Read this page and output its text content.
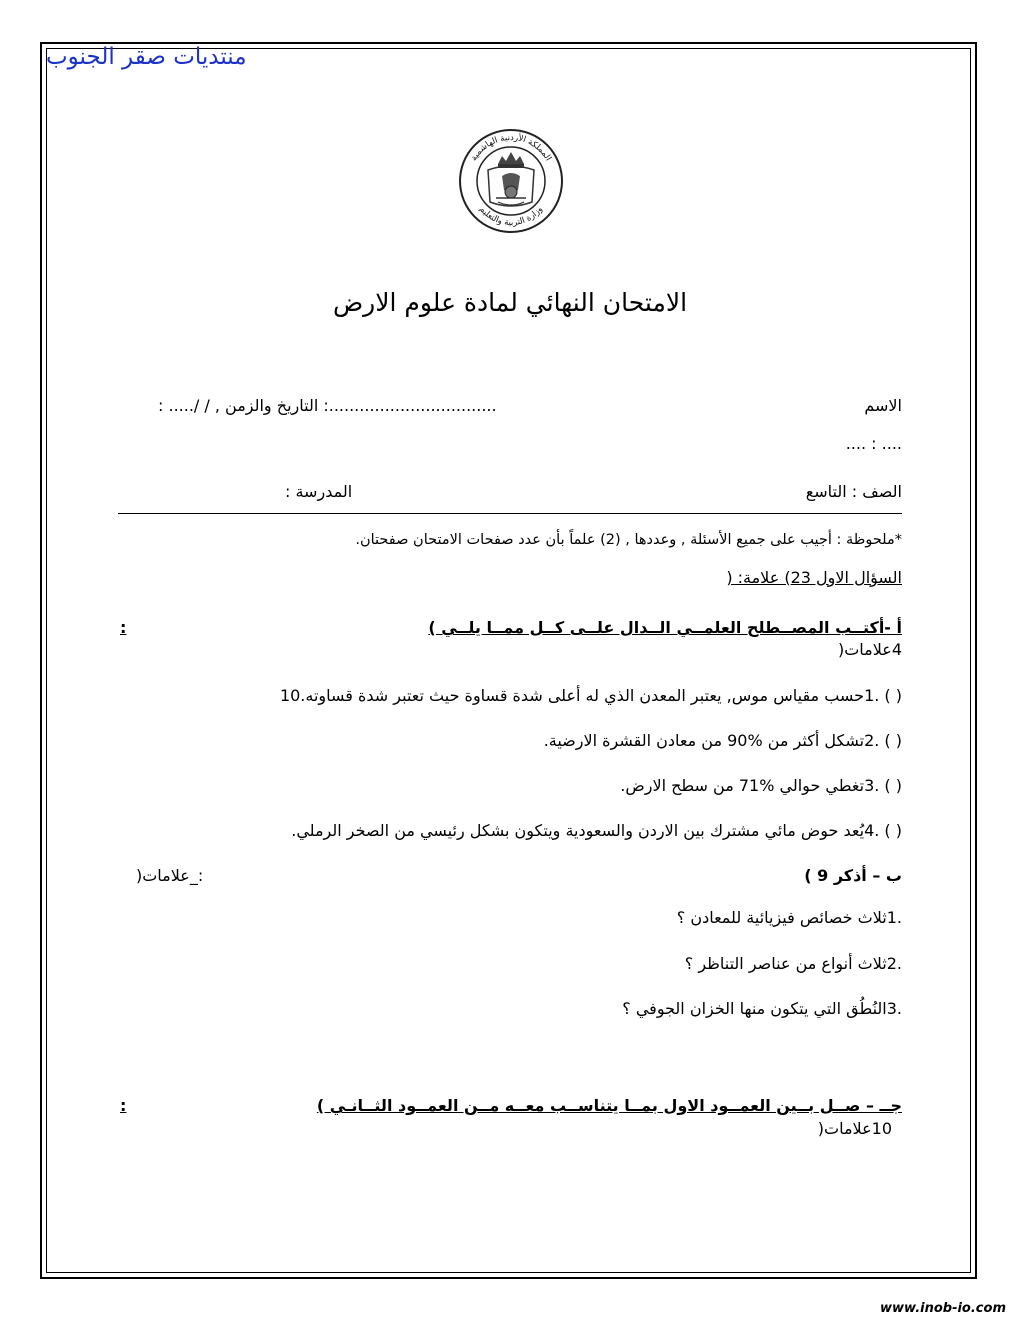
منتديات صقر الجنوب
المملكة الأردنية الهاشمية
وزارة التربية والتعليم
الامتحان النهائي لمادة علوم الارض
الاسم
.................................: التاريخ والزمن , / /..... :
.... : ....
الصف : التاسع
المدرسة :
*ملحوظة : أجيب على جميع الأسئلة , وعددها , (2) علماً بأن عدد صفحات الامتحان صفحتان.
السؤال الاول 23) علامة: (
أ -أكتــب المصــطلح العلمــي الــدال علــى كــل ممــا يلــي )
:
4علامات(
( ) .1حسب مقياس موس, يعتبر المعدن الذي له أعلى شدة قساوة حيث تعتبر شدة قساوته.10
( ) .2تشكل أكثر من %90 من معادن القشرة الارضية.
( ) .3تغطي حوالي %71 من سطح الارض.
( ) .4يُعد حوض مائي مشترك بين الاردن والسعودية ويتكون بشكل رئيسي من الصخر الرملي.
ب – أذكر 9 )
:_علامات(
.1ثلاث خصائص فيزيائية للمعادن ؟
.2ثلاث أنواع من عناصر التناظر ؟
.3النُطُق التي يتكون منها الخزان الجوفي ؟
جــ – صــل بــين العمــود الاول بمــا يتناســب معــه مــن العمــود الثــانـي )
:
10علامات(
www.inob-io.com
